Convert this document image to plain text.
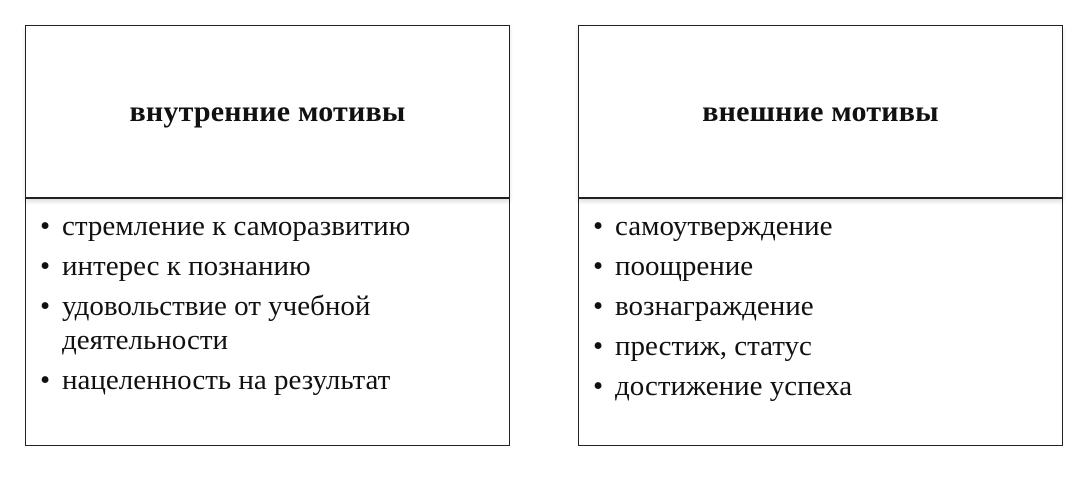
внутренние мотивы
• стремление к саморазвитию
• интерес к познанию
• удовольствие от учебной деятельности
• нацеленность на результат
внешние мотивы
• самоутверждение
• поощрение
• вознаграждение
• престиж, статус
• достижение успеха
